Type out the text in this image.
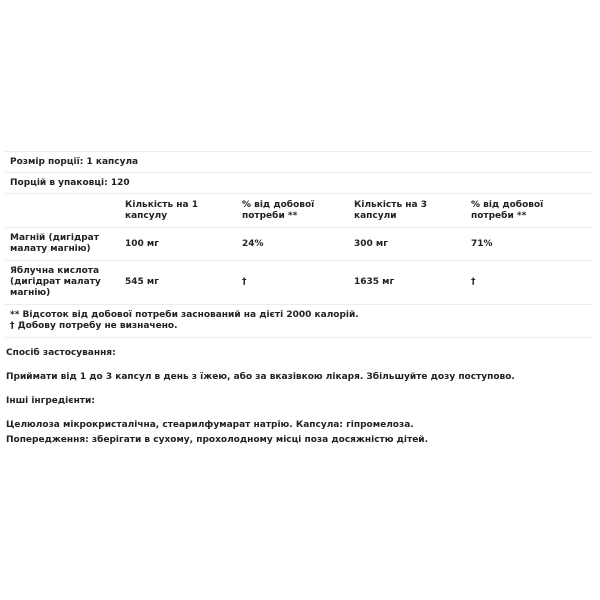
Розмір порції: 1 капсула				
Порцій в упаковці: 120				
	Кількість на 1 капсулу	% від добової потреби **	Кількість на 3 капсули	% від добової потреби **
Магній (дигідрат малату магнію)	100 мг	24%	300 мг	71%
Яблучна кислота (дигідрат малату магнію)	545 мг	†	1635 мг	†

** Відсоток від добової потреби заснований на дієті 2000 калорій.
† Добову потребу не визначено.				
Спосіб застосування:
Приймати від 1 до 3 капсул в день з їжею, або за вказівкою лікаря. Збільшуйте дозу поступово.
Інші інгредієнти:
Целюлоза мікрокристалічна, стеарилфумарат натрію. Капсула: гіпромелоза.
Попередження: зберігати в сухому, прохолодному місці поза досяжністю дітей.
